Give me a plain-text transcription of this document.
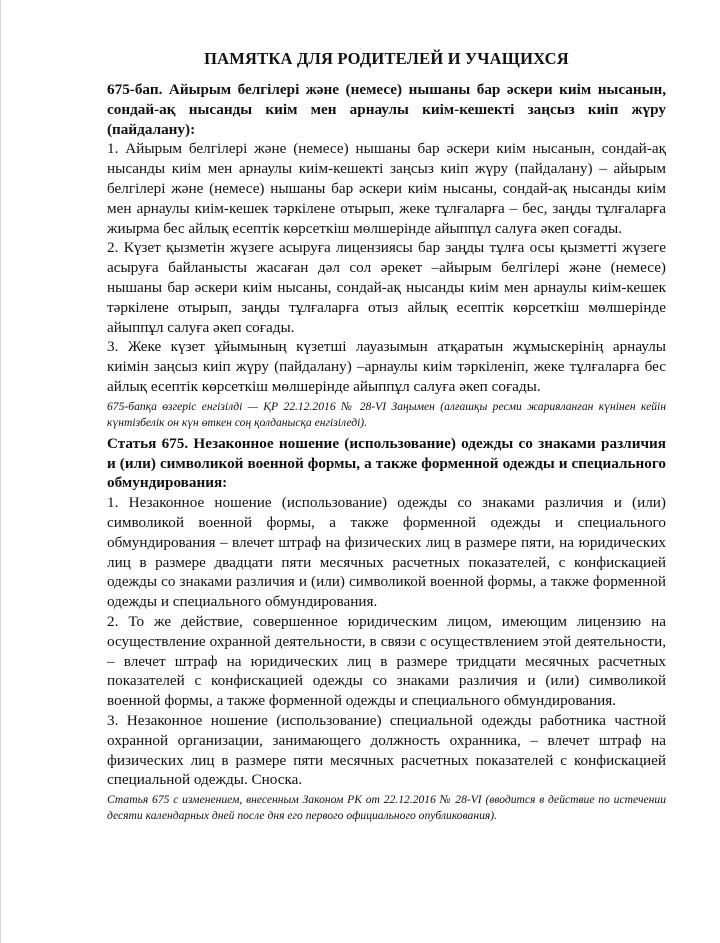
ПАМЯТКА ДЛЯ РОДИТЕЛЕЙ И УЧАЩИХСЯ

675-бап. Айырым белгілері және (немесе) нышаны бар әскери киім нысанын, сондай-ақ нысанды киім мен арнаулы киім-кешекті заңсыз киіп жүру (пайдалану):

1. Айырым белгілері және (немесе) нышаны бар әскери киім нысанын, сондай-ақ нысанды киім мен арнаулы киім-кешекті заңсыз киіп жүру (пайдалану) – айырым белгілері және (немесе) нышаны бар әскери киім нысаны, сондай-ақ нысанды киім мен арнаулы киім-кешек тәркілене отырып, жеке тұлғаларға – бес, заңды тұлғаларға жиырма бес айлық есептік көрсеткіш мөлшерінде айыппұл салуға әкеп соғады.

2. Күзет қызметін жүзеге асыруға лицензиясы бар заңды тұлға осы қызметті жүзеге асыруға байланысты жасаған дәл сол әрекет –айырым белгілері және (немесе) нышаны бар әскери киім нысаны, сондай-ақ нысанды киім мен арнаулы киім-кешек тәркілене отырып, заңды тұлғаларға отыз айлық есептік көрсеткіш мөлшерінде айыппұл салуға әкеп соғады.

3. Жеке күзет ұйымының күзетші лауазымын атқаратын жұмыскерінің арнаулы киімін заңсыз киіп жүру (пайдалану) –арнаулы киім тәркіленіп, жеке тұлғаларға бес айлық есептік көрсеткіш мөлшерінде айыппұл салуға әкеп соғады.

675-бапқа өзгеріс енгізілді — ҚР 22.12.2016 № 28-VI Заңымен (алғашқы ресми жарияланған күнінен кейін күнтізбелік он күн өткен соң қолданысқа енгізіледі).

Статья 675. Незаконное ношение (использование) одежды со знаками различия и (или) символикой военной формы, а также форменной одежды и специального обмундирования:

1. Незаконное ношение (использование) одежды со знаками различия и (или) символикой военной формы, а также форменной одежды и специального обмундирования – влечет штраф на физических лиц в размере пяти, на юридических лиц в размере двадцати пяти месячных расчетных показателей, с конфискацией одежды со знаками различия и (или) символикой военной формы, а также форменной одежды и специального обмундирования.

2. То же действие, совершенное юридическим лицом, имеющим лицензию на осуществление охранной деятельности, в связи с осуществлением этой деятельности, – влечет штраф на юридических лиц в размере тридцати месячных расчетных показателей с конфискацией одежды со знаками различия и (или) символикой военной формы, а также форменной одежды и специального обмундирования.

3. Незаконное ношение (использование) специальной одежды работника частной охранной организации, занимающего должность охранника, – влечет штраф на физических лиц в размере пяти месячных расчетных показателей с конфискацией специальной одежды. Сноска.

Статья 675 с изменением, внесенным Законом РК от 22.12.2016 № 28-VI (вводится в действие по истечении десяти календарных дней после дня его первого официального опубликования).
